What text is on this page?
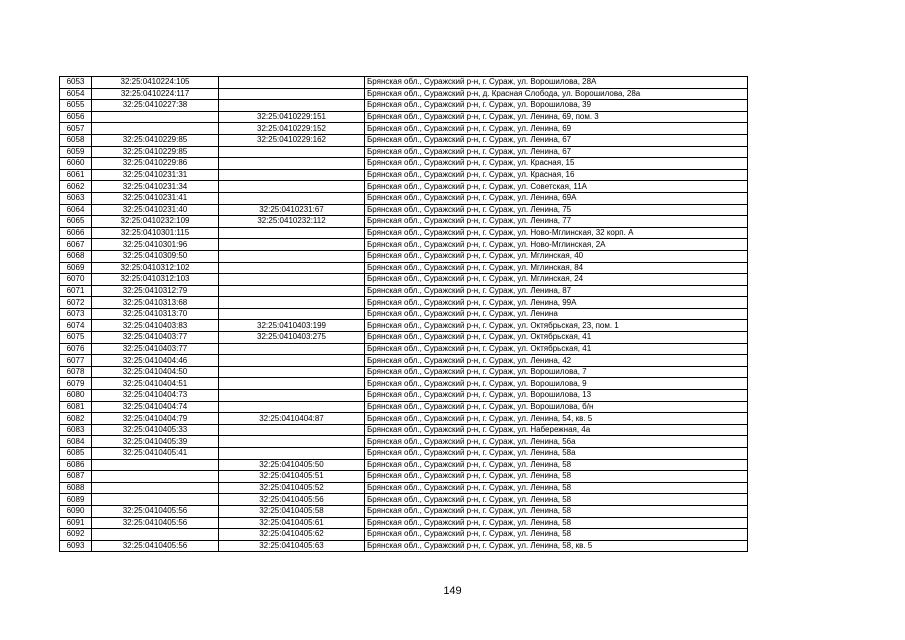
6053	32:25:0410224:105		Брянская обл., Суражский р-н, г. Сураж, ул. Ворошилова, 28А
6054	32:25:0410224:117		Брянская обл., Суражский р-н, д. Красная Слобода, ул. Ворошилова, 28а
6055	32:25:0410227:38		Брянская обл., Суражский р-н, г. Сураж, ул. Ворошилова, 39
6056		32:25:0410229:151	Брянская обл., Суражский р-н, г. Сураж, ул. Ленина, 69, пом. 3
6057		32:25:0410229:152	Брянская обл., Суражский р-н, г. Сураж, ул. Ленина, 69
6058	32:25:0410229:85	32:25:0410229:162	Брянская обл., Суражский р-н, г. Сураж, ул. Ленина, 67
6059	32:25:0410229:85		Брянская обл., Суражский р-н, г. Сураж, ул. Ленина, 67
6060	32:25:0410229:86		Брянская обл., Суражский р-н, г. Сураж, ул. Красная, 15
6061	32:25:0410231:31		Брянская обл., Суражский р-н, г. Сураж, ул. Красная, 16
6062	32:25:0410231:34		Брянская обл., Суражский р-н, г. Сураж, ул. Советская, 11А
6063	32:25:0410231:41		Брянская обл., Суражский р-н, г. Сураж, ул. Ленина, 69А
6064	32:25:0410231:40	32:25:0410231:67	Брянская обл., Суражский р-н, г. Сураж, ул. Ленина, 75
6065	32:25:0410232:109	32:25:0410232:112	Брянская обл., Суражский р-н, г. Сураж, ул. Ленина, 77
6066	32:25:0410301:115		Брянская обл., Суражский р-н, г. Сураж, ул. Ново-Мглинская, 32 корп. А
6067	32:25:0410301:96		Брянская обл., Суражский р-н, г. Сураж, ул. Ново-Мглинская, 2А
6068	32:25:0410309:50		Брянская обл., Суражский р-н, г. Сураж, ул. Мглинская, 40
6069	32:25:0410312:102		Брянская обл., Суражский р-н, г. Сураж, ул. Мглинская, 84
6070	32:25:0410312:103		Брянская обл., Суражский р-н, г. Сураж, ул. Мглинская, 24
6071	32:25:0410312:79		Брянская обл., Суражский р-н, г. Сураж, ул. Ленина, 87
6072	32:25:0410313:68		Брянская обл., Суражский р-н, г. Сураж, ул. Ленина, 99А
6073	32:25:0410313:70		Брянская обл., Суражский р-н, г. Сураж, ул. Ленина
6074	32:25:0410403:83	32:25:0410403:199	Брянская обл., Суражский р-н, г. Сураж, ул. Октябрьская, 23, пом. 1
6075	32:25:0410403:77	32:25:0410403:275	Брянская обл., Суражский р-н, г. Сураж, ул. Октябрьская, 41
6076	32:25:0410403:77		Брянская обл., Суражский р-н, г. Сураж, ул. Октябрьская, 41
6077	32:25:0410404:46		Брянская обл., Суражский р-н, г. Сураж, ул. Ленина, 42
6078	32:25:0410404:50		Брянская обл., Суражский р-н, г. Сураж, ул. Ворошилова, 7
6079	32:25:0410404:51		Брянская обл., Суражский р-н, г. Сураж, ул. Ворошилова, 9
6080	32:25:0410404:73		Брянская обл., Суражский р-н, г. Сураж, ул. Ворошилова, 13
6081	32:25:0410404:74		Брянская обл., Суражский р-н, г. Сураж, ул. Ворошилова, б/н
6082	32:25:0410404:79	32:25:0410404:87	Брянская обл., Суражский р-н, г. Сураж, ул. Ленина, 54, кв. 5
6083	32:25:0410405:33		Брянская обл., Суражский р-н, г. Сураж, ул. Набережная, 4а
6084	32:25:0410405:39		Брянская обл., Суражский р-н, г. Сураж, ул. Ленина, 56а
6085	32:25:0410405:41		Брянская обл., Суражский р-н, г. Сураж, ул. Ленина, 58а
6086		32:25:0410405:50	Брянская обл., Суражский р-н, г. Сураж, ул. Ленина, 58
6087		32:25:0410405:51	Брянская обл., Суражский р-н, г. Сураж, ул. Ленина, 58
6088		32:25:0410405:52	Брянская обл., Суражский р-н, г. Сураж, ул. Ленина, 58
6089		32:25:0410405:56	Брянская обл., Суражский р-н, г. Сураж, ул. Ленина, 58
6090	32:25:0410405:56	32:25:0410405:58	Брянская обл., Суражский р-н, г. Сураж, ул. Ленина, 58
6091	32:25:0410405:56	32:25:0410405:61	Брянская обл., Суражский р-н, г. Сураж, ул. Ленина, 58
6092		32:25:0410405:62	Брянская обл., Суражский р-н, г. Сураж, ул. Ленина, 58
6093	32:25:0410405:56	32:25:0410405:63	Брянская обл., Суражский р-н, г. Сураж, ул. Ленина, 58, кв. 5
149
